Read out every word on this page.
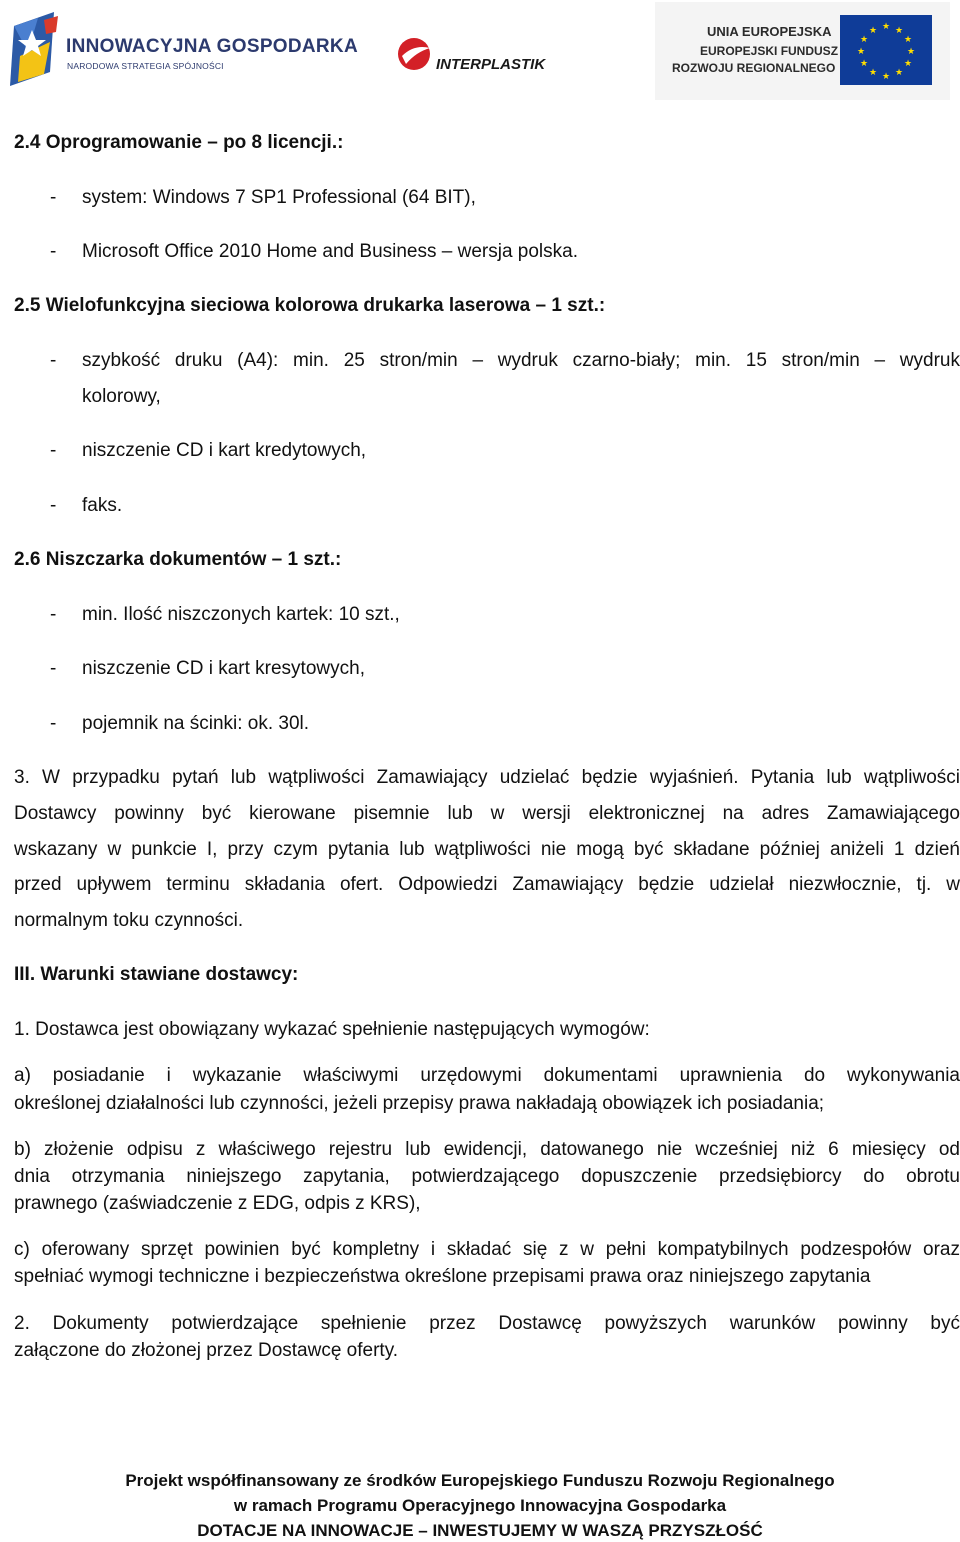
INNOWACYJNA GOSPODARKA
NARODOWA STRATEGIA SPÓJNOŚCI	INTERPLASTIK
UNIA EUROPEJSKA
EUROPEJSKI FUNDUSZ
ROZWOJU REGIONALNEGO
★ ★
★
★
★
★
★
★
★
★
★
★
2.4 Oprogramowanie – po 8 licencji.:
- system: Windows 7 SP1 Professional (64 BIT),
- Microsoft Office 2010 Home and Business – wersja polska.
2.5 Wielofunkcyjna sieciowa kolorowa drukarka laserowa – 1 szt.:
- szybkość druku (A4): min. 25 stron/min – wydruk czarno-biały; min. 15 stron/min – wydruk
kolorowy,
- niszczenie CD i kart kredytowych,
- faks.
2.6 Niszczarka dokumentów – 1 szt.:
- min. Ilość niszczonych kartek: 10 szt.,
- niszczenie CD i kart kresytowych,
- pojemnik na ścinki: ok. 30l.
3. W przypadku pytań lub wątpliwości Zamawiający udzielać będzie wyjaśnień. Pytania lub wątpliwości
Dostawcy powinny być kierowane pisemnie lub w wersji elektronicznej na adres Zamawiającego
wskazany w punkcie I, przy czym pytania lub wątpliwości nie mogą być składane później aniżeli 1 dzień
przed upływem terminu składania ofert. Odpowiedzi Zamawiający będzie udzielał niezwłocznie, tj. w
normalnym toku czynności.
III. Warunki stawiane dostawcy:
1. Dostawca jest obowiązany wykazać spełnienie następujących wymogów:
a) posiadanie i wykazanie właściwymi urzędowymi dokumentami uprawnienia do wykonywania
określonej działalności lub czynności, jeżeli przepisy prawa nakładają obowiązek ich posiadania;
b) złożenie odpisu z właściwego rejestru lub ewidencji, datowanego nie wcześniej niż 6 miesięcy od
dnia otrzymania niniejszego zapytania, potwierdzającego dopuszczenie przedsiębiorcy do obrotu
prawnego (zaświadczenie z EDG, odpis z KRS),
c) oferowany sprzęt powinien być kompletny i składać się z w pełni kompatybilnych podzespołów oraz
spełniać wymogi techniczne i bezpieczeństwa określone przepisami prawa oraz niniejszego zapytania
2. Dokumenty potwierdzające spełnienie przez Dostawcę powyższych warunków powinny być
załączone do złożonej przez Dostawcę oferty.
Projekt współfinansowany ze środków Europejskiego Funduszu Rozwoju Regionalnego
w ramach Programu Operacyjnego Innowacyjna Gospodarka
DOTACJE NA INNOWACJE – INWESTUJEMY W WASZĄ PRZYSZŁOŚĆ
